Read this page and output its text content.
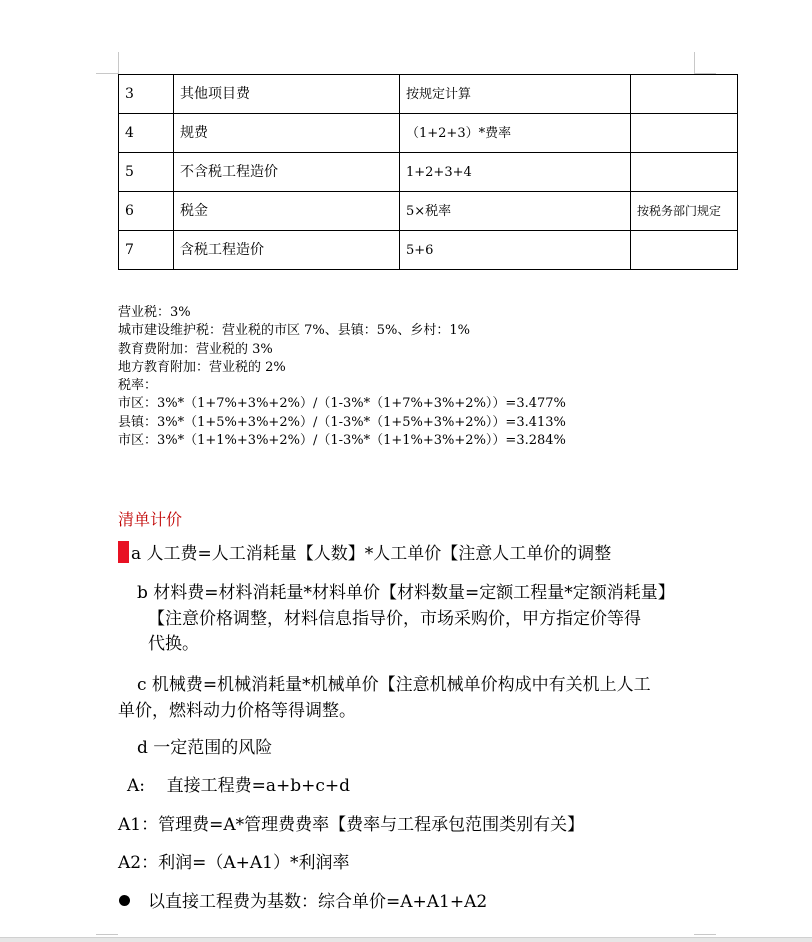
3	其他项目费	按规定计算	
4	规费	（1+2+3）*费率	
5	不含税工程造价	1+2+3+4	
6	税金	5×税率	按税务部门规定
7	含税工程造价	5+6	
营业税：3%
城市建设维护税：营业税的市区 7%、县镇：5%、乡村：1%
教育费附加：营业税的 3%
地方教育附加：营业税的 2%
税率：
市区：3%*（1+7%+3%+2%）/（1-3%*（1+7%+3%+2%））=3.477%
县镇：3%*（1+5%+3%+2%）/（1-3%*（1+5%+3%+2%））=3.413%
市区：3%*（1+1%+3%+2%）/（1-3%*（1+1%+3%+2%））=3.284%
清单计价
a 人工费=人工消耗量【人数】*人工单价【注意人工单价的调整
b 材料费=材料消耗量*材料单价【材料数量=定额工程量*定额消耗量】
【注意价格调整，材料信息指导价，市场采购价，甲方指定价等得
代换。
c 机械费=机械消耗量*机械单价【注意机械单价构成中有关机上人工
单价，燃料动力价格等得调整。
d 一定范围的风险
A:    直接工程费=a+b+c+d
A1：管理费=A*管理费费率【费率与工程承包范围类别有关】
A2：利润=（A+A1）*利润率
以直接工程费为基数：综合单价=A+A1+A2
